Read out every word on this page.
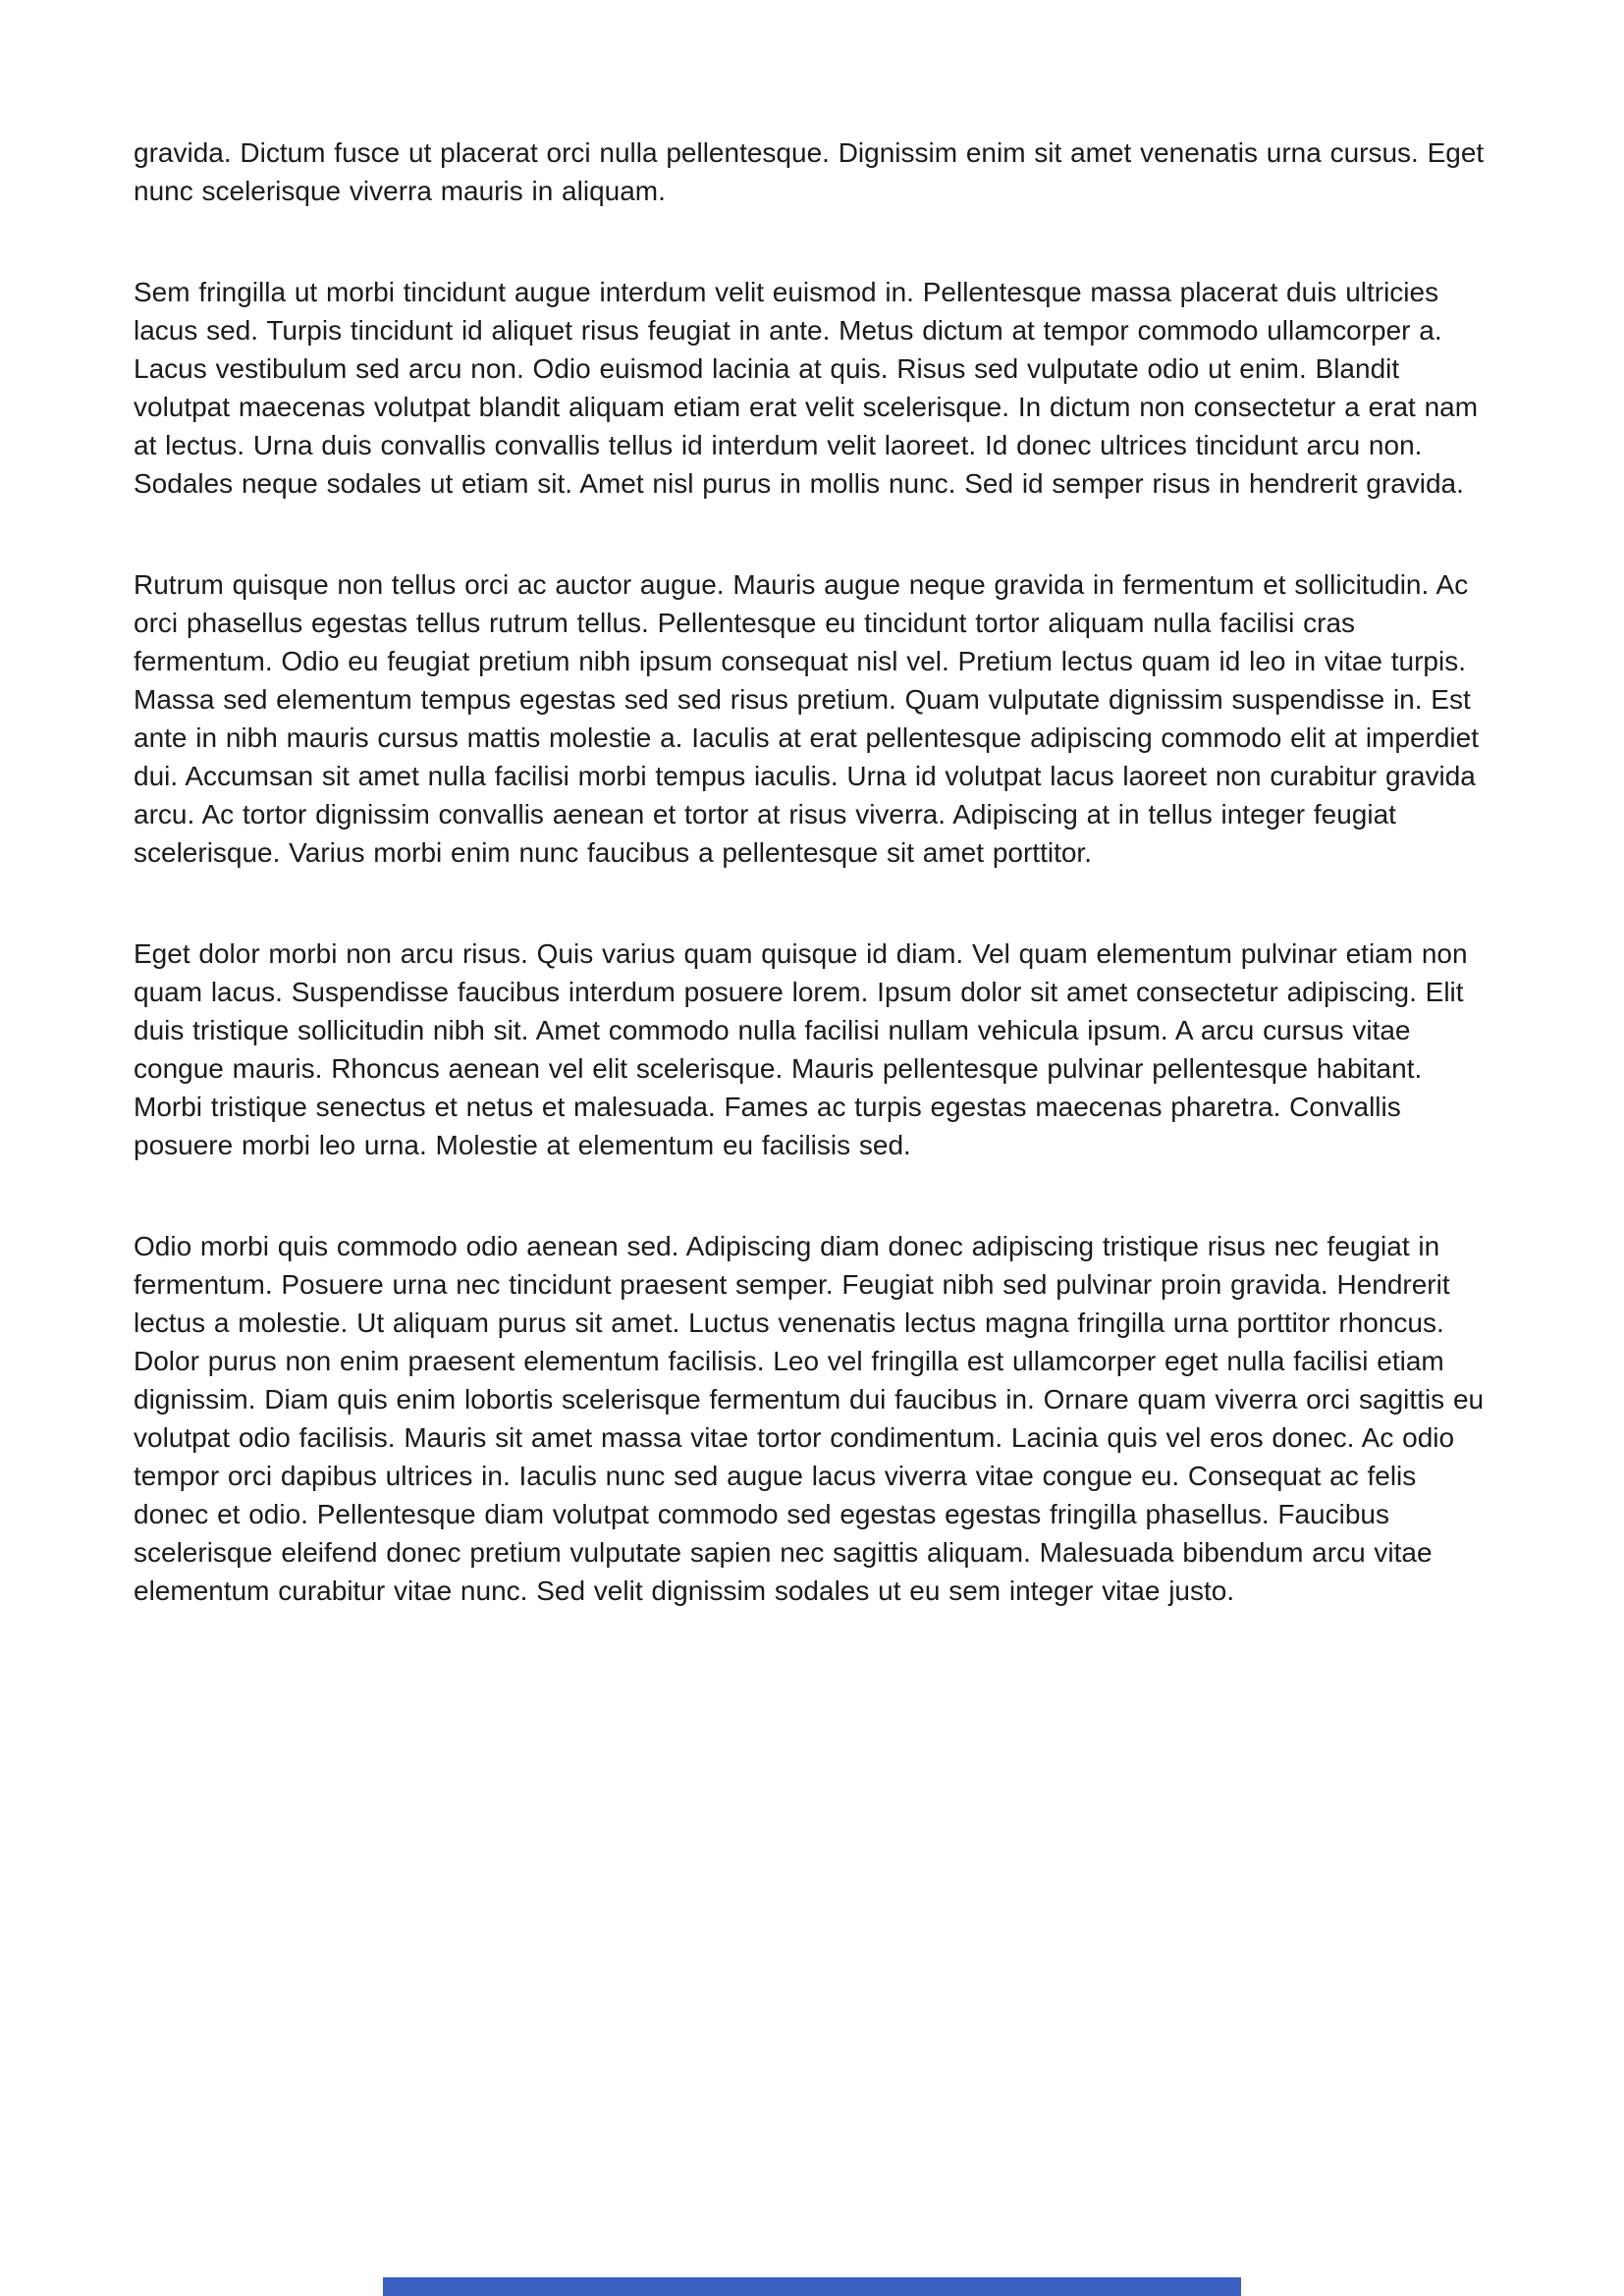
gravida. Dictum fusce ut placerat orci nulla pellentesque. Dignissim enim sit amet venenatis urna cursus. Eget nunc scelerisque viverra mauris in aliquam.

Sem fringilla ut morbi tincidunt augue interdum velit euismod in. Pellentesque massa placerat duis ultricies lacus sed. Turpis tincidunt id aliquet risus feugiat in ante. Metus dictum at tempor commodo ullamcorper a. Lacus vestibulum sed arcu non. Odio euismod lacinia at quis. Risus sed vulputate odio ut enim. Blandit volutpat maecenas volutpat blandit aliquam etiam erat velit scelerisque. In dictum non consectetur a erat nam at lectus. Urna duis convallis convallis tellus id interdum velit laoreet. Id donec ultrices tincidunt arcu non. Sodales neque sodales ut etiam sit. Amet nisl purus in mollis nunc. Sed id semper risus in hendrerit gravida.

Rutrum quisque non tellus orci ac auctor augue. Mauris augue neque gravida in fermentum et sollicitudin. Ac orci phasellus egestas tellus rutrum tellus. Pellentesque eu tincidunt tortor aliquam nulla facilisi cras fermentum. Odio eu feugiat pretium nibh ipsum consequat nisl vel. Pretium lectus quam id leo in vitae turpis. Massa sed elementum tempus egestas sed sed risus pretium. Quam vulputate dignissim suspendisse in. Est ante in nibh mauris cursus mattis molestie a. Iaculis at erat pellentesque adipiscing commodo elit at imperdiet dui. Accumsan sit amet nulla facilisi morbi tempus iaculis. Urna id volutpat lacus laoreet non curabitur gravida arcu. Ac tortor dignissim convallis aenean et tortor at risus viverra. Adipiscing at in tellus integer feugiat scelerisque. Varius morbi enim nunc faucibus a pellentesque sit amet porttitor.

Eget dolor morbi non arcu risus. Quis varius quam quisque id diam. Vel quam elementum pulvinar etiam non quam lacus. Suspendisse faucibus interdum posuere lorem. Ipsum dolor sit amet consectetur adipiscing. Elit duis tristique sollicitudin nibh sit. Amet commodo nulla facilisi nullam vehicula ipsum. A arcu cursus vitae congue mauris. Rhoncus aenean vel elit scelerisque. Mauris pellentesque pulvinar pellentesque habitant. Morbi tristique senectus et netus et malesuada. Fames ac turpis egestas maecenas pharetra. Convallis posuere morbi leo urna. Molestie at elementum eu facilisis sed.

Odio morbi quis commodo odio aenean sed. Adipiscing diam donec adipiscing tristique risus nec feugiat in fermentum. Posuere urna nec tincidunt praesent semper. Feugiat nibh sed pulvinar proin gravida. Hendrerit lectus a molestie. Ut aliquam purus sit amet. Luctus venenatis lectus magna fringilla urna porttitor rhoncus. Dolor purus non enim praesent elementum facilisis. Leo vel fringilla est ullamcorper eget nulla facilisi etiam dignissim. Diam quis enim lobortis scelerisque fermentum dui faucibus in. Ornare quam viverra orci sagittis eu volutpat odio facilisis. Mauris sit amet massa vitae tortor condimentum. Lacinia quis vel eros donec. Ac odio tempor orci dapibus ultrices in. Iaculis nunc sed augue lacus viverra vitae congue eu. Consequat ac felis donec et odio. Pellentesque diam volutpat commodo sed egestas egestas fringilla phasellus. Faucibus scelerisque eleifend donec pretium vulputate sapien nec sagittis aliquam. Malesuada bibendum arcu vitae elementum curabitur vitae nunc. Sed velit dignissim sodales ut eu sem integer vitae justo.
